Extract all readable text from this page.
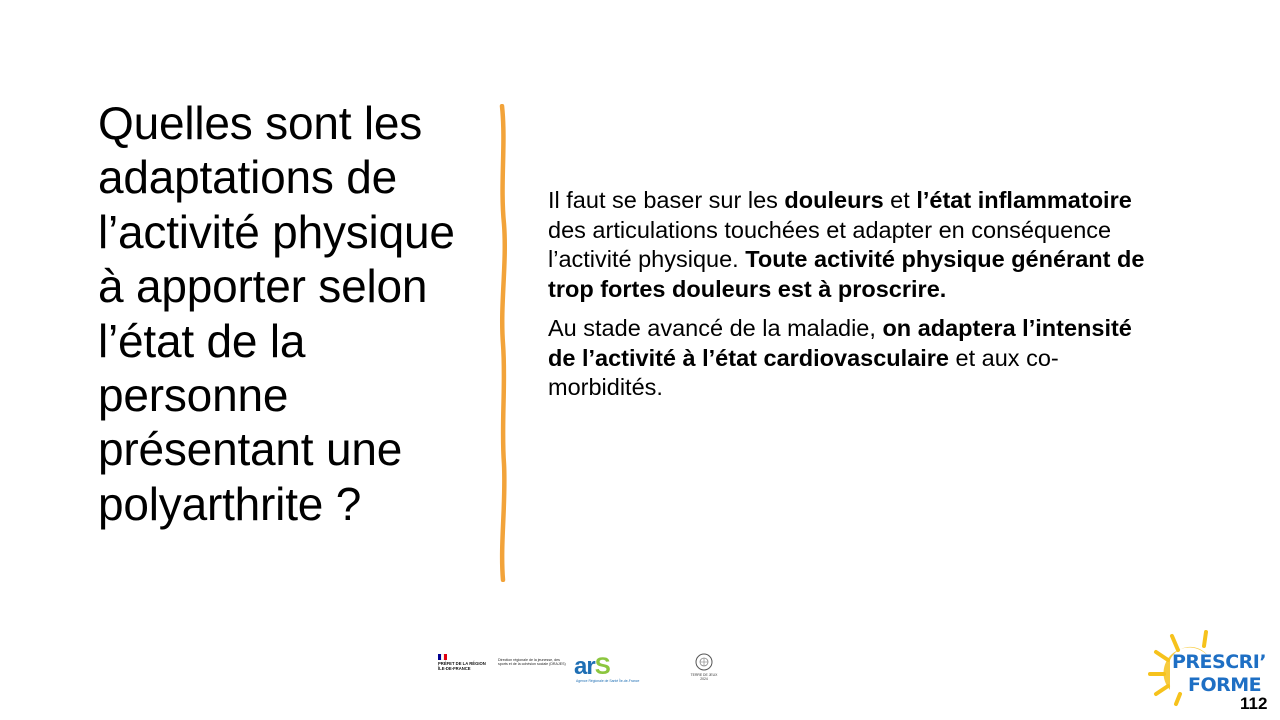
Quelles sont les adaptations de l’activité physique à apporter selon l’état de la personne présentant une polyarthrite ?

Il faut se baser sur les douleurs et l’état inflammatoire des articulations touchées et adapter en conséquence l’activité physique. Toute activité physique générant de trop fortes douleurs est à proscrire.

Au stade avancé de la maladie, on adaptera l’intensité de l’activité à l’état cardiovasculaire et aux co-morbidités.

PRÉFET DE LA RÉGION ÎLE-DE-FRANCE
Direction régionale de la jeunesse, des sports et de la cohésion sociale (DRAJES) arS
Agence Régionale de Santé Île-de-France
TERRE DE JEUX 2024
PRESCRI’
FORME
112
